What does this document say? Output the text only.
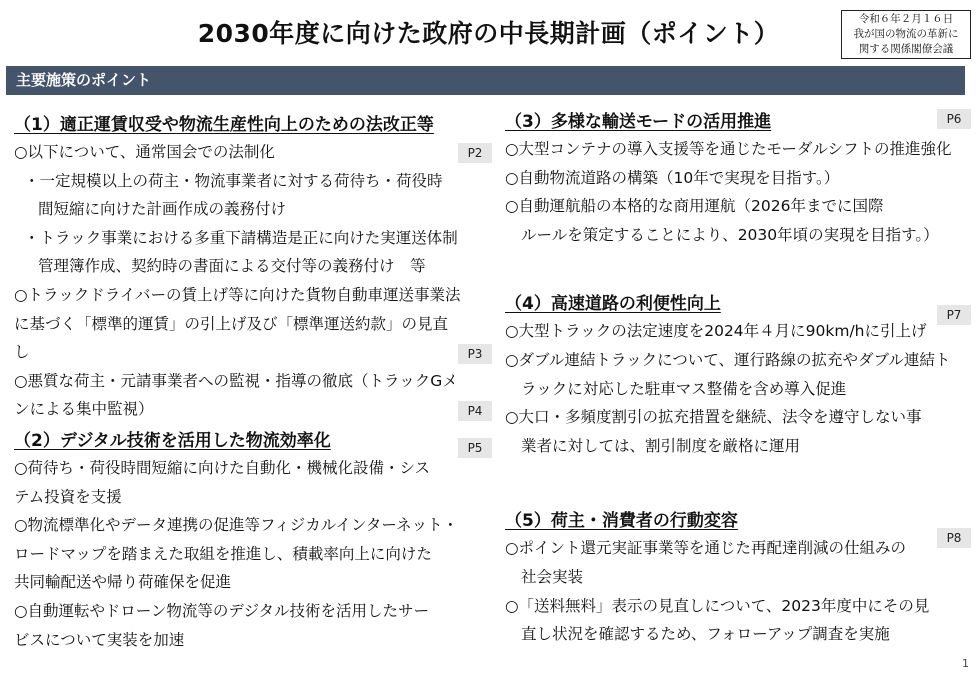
2030年度に向けた政府の中長期計画（ポイント）	令和６年２月１６日
我が国の物流の革新に
関する関係閣僚会議
主要施策のポイント
（1）適正運賃収受や物流生産性向上のための法改正等
○以下について、通常国会での法制化
・一定規模以上の荷主・物流事業者に対する荷待ち・荷役時
間短縮に向けた計画作成の義務付け
・トラック事業における多重下請構造是正に向けた実運送体制
管理簿作成、契約時の書面による交付等の義務付け　等
○トラックドライバーの賃上げ等に向けた貨物自動車運送事業法
に基づく「標準的運賃」の引上げ及び「標準運送約款」の見直
し
○悪質な荷主・元請事業者への監視・指導の徹底（トラックGメ
ンによる集中監視）
（2）デジタル技術を活用した物流効率化
○荷待ち・荷役時間短縮に向けた自動化・機械化設備・シス
テム投資を支援
○物流標準化やデータ連携の促進等フィジカルインターネット・
ロードマップを踏まえた取組を推進し、積載率向上に向けた
共同輸配送や帰り荷確保を促進
○自動運転やドローン物流等のデジタル技術を活用したサー
ビスについて実装を加速
P2
P3
P4
P5
（3）多様な輸送モードの活用推進
○大型コンテナの導入支援等を通じたモーダルシフトの推進強化
○自動物流道路の構築（10年で実現を目指す。）
○自動運航船の本格的な商用運航（2026年までに国際
ルールを策定することにより、2030年頃の実現を目指す。）
（4）高速道路の利便性向上
○大型トラックの法定速度を2024年４月に90km/hに引上げ
○ダブル連結トラックについて、運行路線の拡充やダブル連結ト
ラックに対応した駐車マス整備を含め導入促進
○大口・多頻度割引の拡充措置を継続、法令を遵守しない事
業者に対しては、割引制度を厳格に運用
（5）荷主・消費者の行動変容
○ポイント還元実証事業等を通じた再配達削減の仕組みの
社会実装
○「送料無料」表示の見直しについて、2023年度中にその見
直し状況を確認するため、フォローアップ調査を実施
P6
P7
P8
1
